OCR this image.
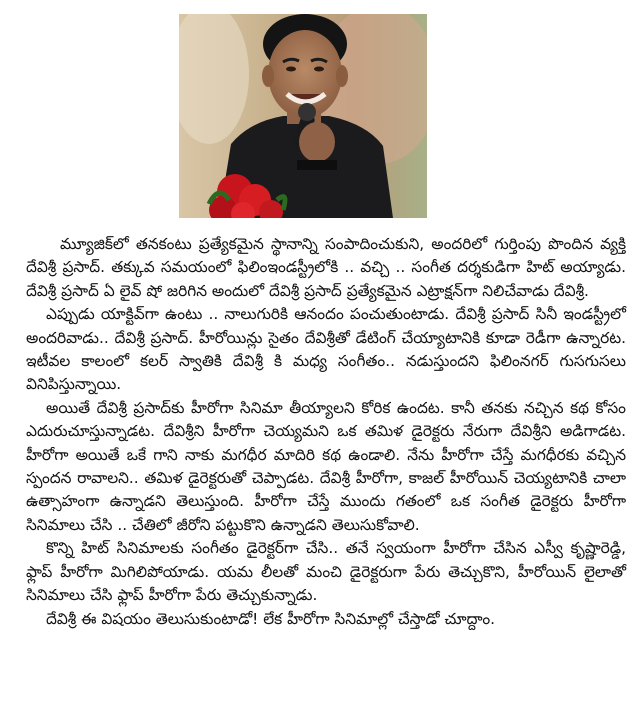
మ్యూజిక్‌లో తనకంటు ప్రత్యేకమైన స్థానాన్ని సంపాదించుకుని, అందరిలో గుర్తింపు పొందిన వ్యక్తి దేవిశ్రీ ప్రసాద్. తక్కువ సమయంలో ఫిలింఇండస్ట్రీలోకి .. వచ్చి .. సంగీత దర్శకుడిగా హిట్ అయ్యాడు. దేవిశ్రీ ప్రసాద్ ఏ లైవ్ షో జరిగిన అందులో దేవిశ్రీ ప్రసాద్ ప్రత్యేకమైన ఎట్రాక్షన్‌గా నిలిచేవాడు దేవిశ్రీ.

ఎప్పుడు యాక్టివ్‌గా ఉంటు .. నాలుగురికి ఆనందం పంచుతుంటాడు. దేవిశ్రీ ప్రసాద్ సినీ ఇండస్ట్రీలో అందరివాడు.. దేవిశ్రీ ప్రసాద్. హీరోయిన్లు సైతం దేవిశ్రీతో డేటింగ్ చేయ్యాటానికి కూడా రెడీగా ఉన్నారట. ఇటీవల కాలంలో కలర్ స్వాతికి దేవిశ్రీ కి మధ్య సంగీతం.. నడుస్తుందని ఫిలింనగర్ గుసగుసలు వినిపిస్తున్నాయి.

అయితే దేవిశ్రీ ప్రసాద్‌కు హీరోగా సినిమా తీయ్యాలని కోరిక ఉందట. కానీ తనకు నచ్చిన కథ కోసం ఎదురుచూస్తున్నాడట. దేవిశ్రీని హీరోగా చెయ్యమని ఒక తమిళ డైరెక్టరు నేరుగా దేవిశ్రీని అడిగాడట. హీరోగా అయితే ఒకే గాని నాకు మగధీర మాదిరి కథ ఉండాలి. నేను హీరోగా చేస్తే మగధీరకు వచ్చిన స్పందన రావాలని.. తమిళ డైరెక్టరుతో చెప్పాడట. దేవిశ్రీ హీరోగా, కాజల్ హీరోయిన్ చెయ్యటానికి చాలా ఉత్సాహంగా ఉన్నాడని తెలుస్తుంది. హీరోగా చేస్తే ముందు గతంలో ఒక సంగీత డైరెక్టరు హీరోగా సినిమాలు చేసి .. చేతిలో జీరోని పట్టుకొని ఉన్నాడని తెలుసుకోవాలి.

కొన్ని హిట్ సినిమాలకు సంగీతం డైరెక్టర్‌గా చేసి.. తనే స్వయంగా హీరోగా చేసిన ఎస్వీ కృష్ణారెడ్డి, ఫ్లాప్ హీరోగా మిగిలిపోయాడు. యమ లీలతో మంచి డైరెక్టరుగా పేరు తెచ్చుకొని, హీరోయిన్ లైలాతో సినిమాలు చేసి ఫ్లాప్ హీరోగా పేరు తెచ్చుకున్నాడు.

దేవిశ్రీ ఈ విషయం తెలుసుకుంటాడో! లేక హీరోగా సినిమాల్లో చేస్తాడో చూద్దాం.
